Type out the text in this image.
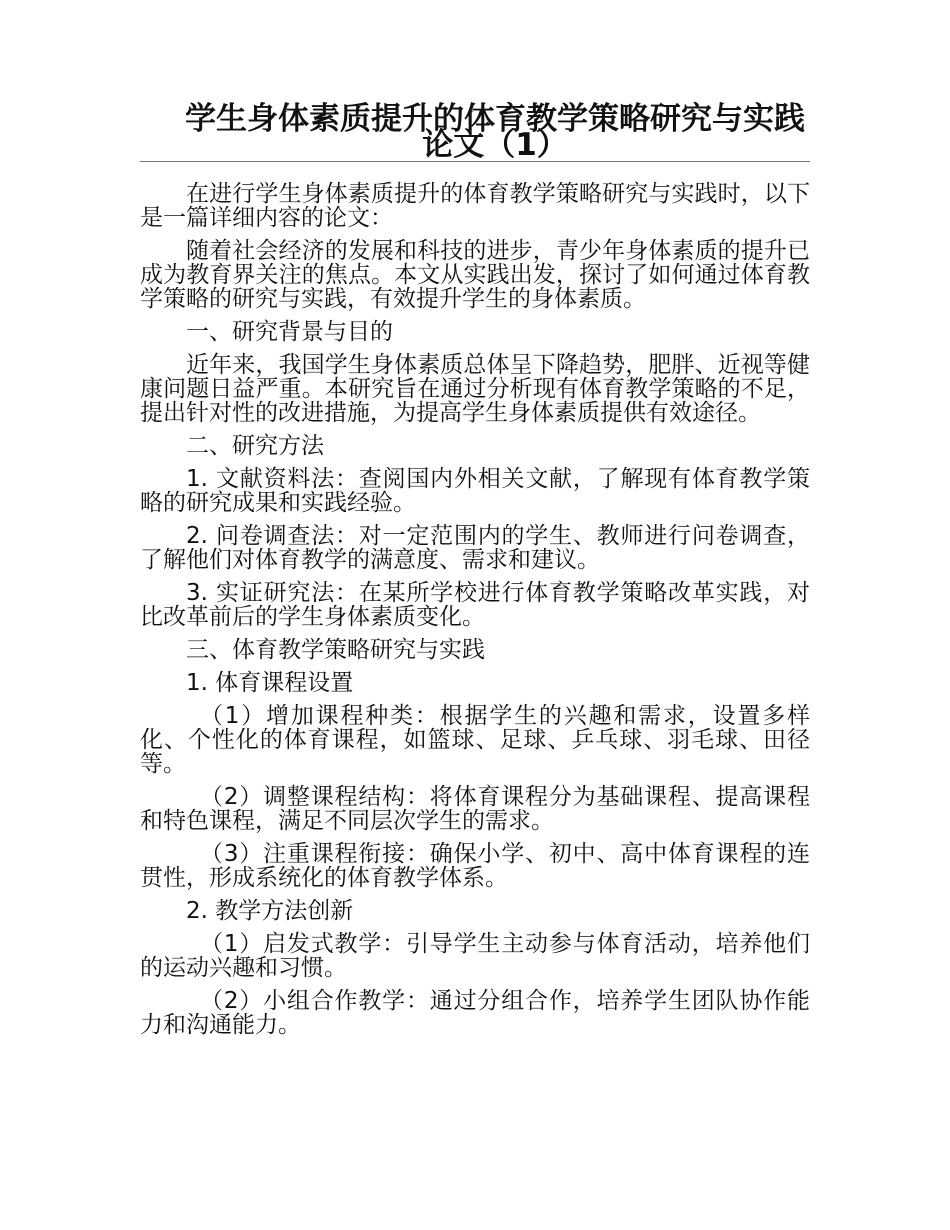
学生身体素质提升的体育教学策略研究与实践论文（1）

在进行学生身体素质提升的体育教学策略研究与实践时，以下是一篇详细内容的论文：

随着社会经济的发展和科技的进步，青少年身体素质的提升已成为教育界关注的焦点。本文从实践出发，探讨了如何通过体育教学策略的研究与实践，有效提升学生的身体素质。

一、研究背景与目的

近年来，我国学生身体素质总体呈下降趋势，肥胖、近视等健康问题日益严重。本研究旨在通过分析现有体育教学策略的不足，提出针对性的改进措施，为提高学生身体素质提供有效途径。

二、研究方法

1. 文献资料法：查阅国内外相关文献，了解现有体育教学策略的研究成果和实践经验。

2. 问卷调查法：对一定范围内的学生、教师进行问卷调查，了解他们对体育教学的满意度、需求和建议。

3. 实证研究法：在某所学校进行体育教学策略改革实践，对比改革前后的学生身体素质变化。

三、体育教学策略研究与实践

1. 体育课程设置

（1）增加课程种类：根据学生的兴趣和需求，设置多样化、个性化的体育课程，如篮球、足球、乒乓球、羽毛球、田径等。

（2）调整课程结构：将体育课程分为基础课程、提高课程和特色课程，满足不同层次学生的需求。

（3）注重课程衔接：确保小学、初中、高中体育课程的连贯性，形成系统化的体育教学体系。

2. 教学方法创新

（1）启发式教学：引导学生主动参与体育活动，培养他们的运动兴趣和习惯。

（2）小组合作教学：通过分组合作，培养学生团队协作能力和沟通能力。
